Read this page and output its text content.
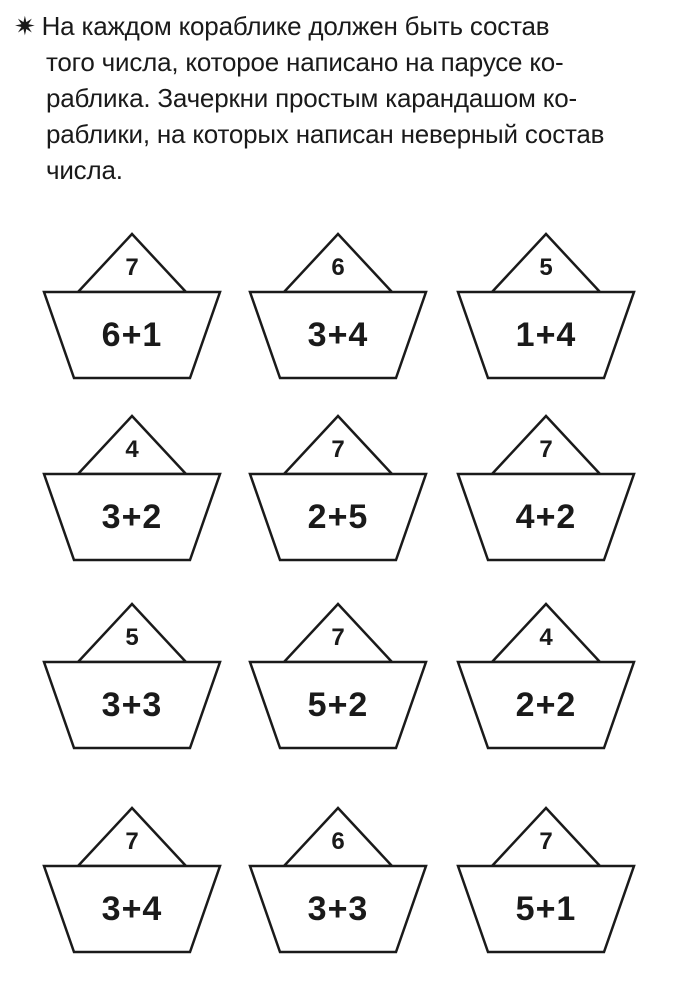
✷ На каждом кораблике должен быть состав
того числа, которое написано на парусе ко-
раблика. Зачеркни простым карандашом ко-
раблики, на которых написан неверный состав
числа.
7
6+1
6
3+4
5
1+4
4
3+2
7
2+5
7
4+2
5
3+3
7
5+2
4
2+2
7
3+4
6
3+3
7
5+1
